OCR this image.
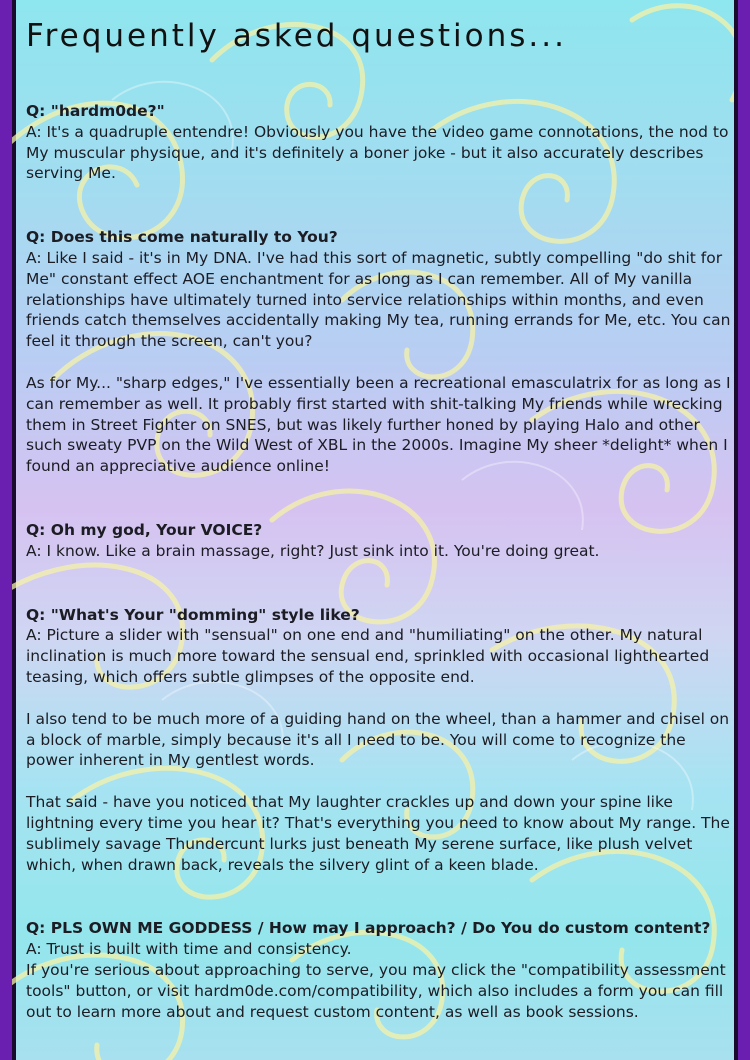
Frequently asked questions...

Q: "hardm0de?"

A: It's a quadruple entendre! Obviously you have the video game connotations, the nod to My muscular physique, and it's definitely a boner joke - but it also accurately describes serving Me.

Q: Does this come naturally to You?

A: Like I said - it's in My DNA. I've had this sort of magnetic, subtly compelling "do shit for Me" constant effect AOE enchantment for as long as I can remember. All of My vanilla relationships have ultimately turned into service relationships within months, and even friends catch themselves accidentally making My tea, running errands for Me, etc. You can feel it through the screen, can't you?

As for My... "sharp edges," I've essentially been a recreational emasculatrix for as long as I can remember as well. It probably first started with shit-talking My friends while wrecking them in Street Fighter on SNES, but was likely further honed by playing Halo and other such sweaty PVP on the Wild West of XBL in the 2000s. Imagine My sheer *delight* when I found an appreciative audience online!

Q: Oh my god, Your VOICE?

A: I know. Like a brain massage, right? Just sink into it. You're doing great.

Q: "What's Your "domming" style like?

A: Picture a slider with "sensual" on one end and "humiliating" on the other. My natural inclination is much more toward the sensual end, sprinkled with occasional lighthearted teasing, which offers subtle glimpses of the opposite end.

I also tend to be much more of a guiding hand on the wheel, than a hammer and chisel on a block of marble, simply because it's all I need to be. You will come to recognize the power inherent in My gentlest words.

That said - have you noticed that My laughter crackles up and down your spine like lightning every time you hear it? That's everything you need to know about My range. The sublimely savage Thundercunt lurks just beneath My serene surface, like plush velvet which, when drawn back, reveals the silvery glint of a keen blade.

Q: PLS OWN ME GODDESS / How may I approach? / Do You do custom content?

A: Trust is built with time and consistency.

If you're serious about approaching to serve, you may click the "compatibility assessment tools" button, or visit hardm0de.com/compatibility, which also includes a form you can fill out to learn more about and request custom content, as well as book sessions.
